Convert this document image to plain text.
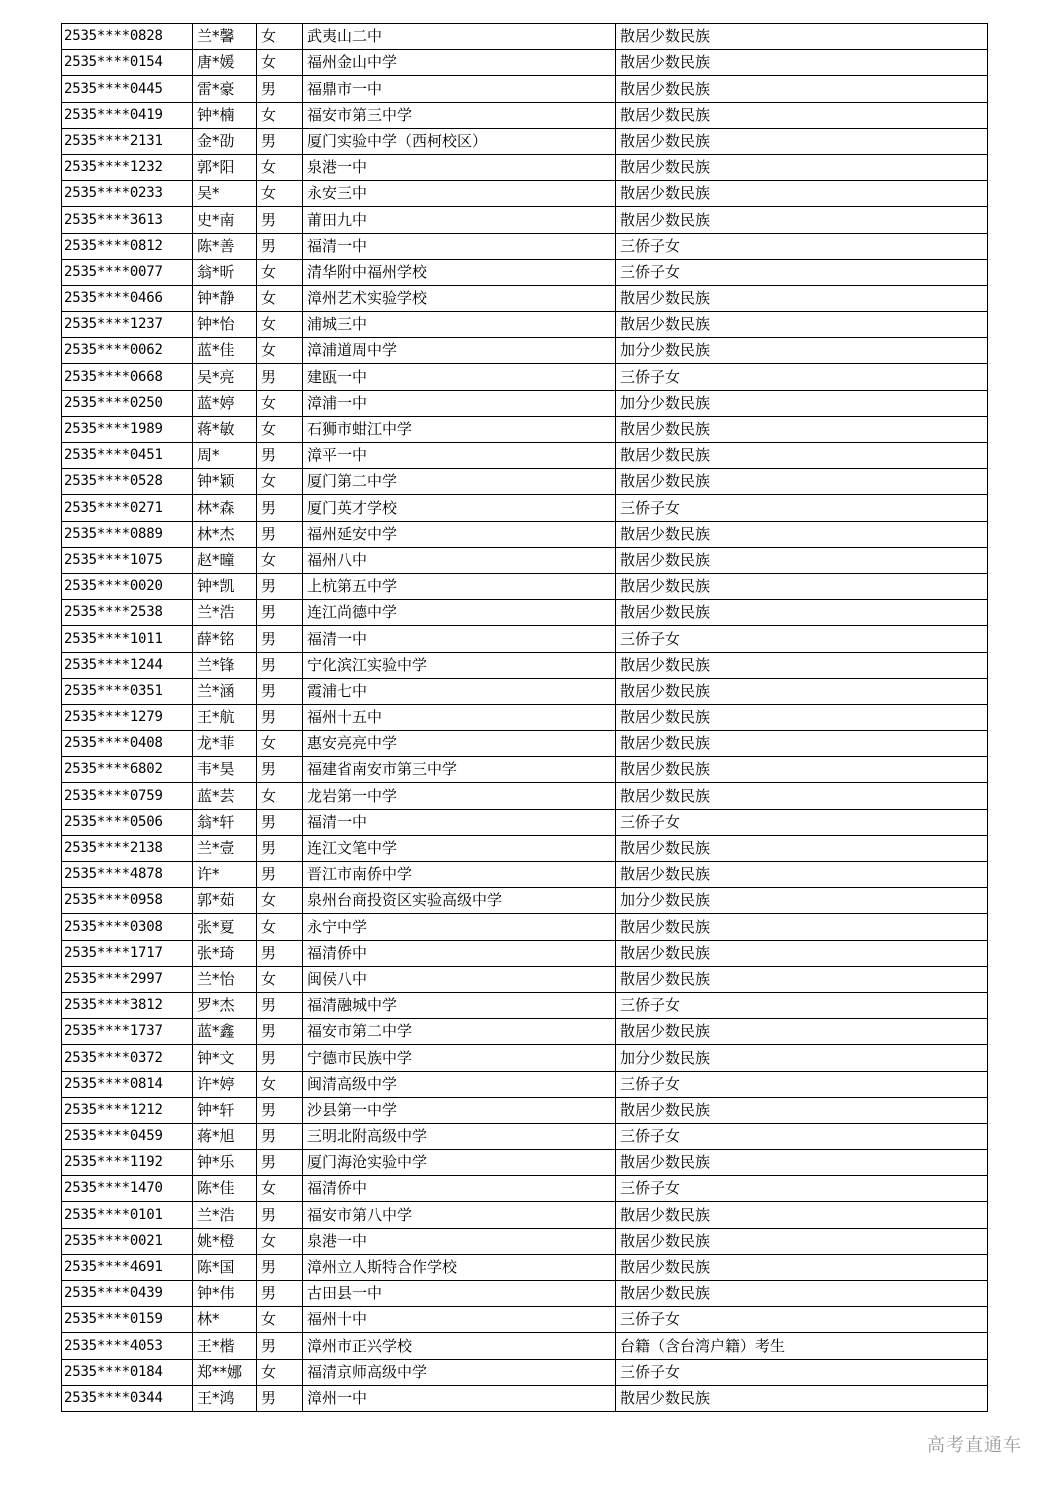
2535****0828	兰*馨	女	武夷山二中	散居少数民族
2535****0154	唐*媛	女	福州金山中学	散居少数民族
2535****0445	雷*豪	男	福鼎市一中	散居少数民族
2535****0419	钟*楠	女	福安市第三中学	散居少数民族
2535****2131	金*劭	男	厦门实验中学（西柯校区）	散居少数民族
2535****1232	郭*阳	女	泉港一中	散居少数民族
2535****0233	吴*	女	永安三中	散居少数民族
2535****3613	史*南	男	莆田九中	散居少数民族
2535****0812	陈*善	男	福清一中	三侨子女
2535****0077	翁*昕	女	清华附中福州学校	三侨子女
2535****0466	钟*静	女	漳州艺术实验学校	散居少数民族
2535****1237	钟*怡	女	浦城三中	散居少数民族
2535****0062	蓝*佳	女	漳浦道周中学	加分少数民族
2535****0668	吴*亮	男	建瓯一中	三侨子女
2535****0250	蓝*婷	女	漳浦一中	加分少数民族
2535****1989	蒋*敏	女	石狮市蚶江中学	散居少数民族
2535****0451	周*	男	漳平一中	散居少数民族
2535****0528	钟*颖	女	厦门第二中学	散居少数民族
2535****0271	林*森	男	厦门英才学校	三侨子女
2535****0889	林*杰	男	福州延安中学	散居少数民族
2535****1075	赵*曈	女	福州八中	散居少数民族
2535****0020	钟*凯	男	上杭第五中学	散居少数民族
2535****2538	兰*浩	男	连江尚德中学	散居少数民族
2535****1011	薛*铭	男	福清一中	三侨子女
2535****1244	兰*锋	男	宁化滨江实验中学	散居少数民族
2535****0351	兰*涵	男	霞浦七中	散居少数民族
2535****1279	王*航	男	福州十五中	散居少数民族
2535****0408	龙*菲	女	惠安亮亮中学	散居少数民族
2535****6802	韦*昊	男	福建省南安市第三中学	散居少数民族
2535****0759	蓝*芸	女	龙岩第一中学	散居少数民族
2535****0506	翁*轩	男	福清一中	三侨子女
2535****2138	兰*壹	男	连江文笔中学	散居少数民族
2535****4878	许*	男	晋江市南侨中学	散居少数民族
2535****0958	郭*茹	女	泉州台商投资区实验高级中学	加分少数民族
2535****0308	张*夏	女	永宁中学	散居少数民族
2535****1717	张*琦	男	福清侨中	散居少数民族
2535****2997	兰*怡	女	闽侯八中	散居少数民族
2535****3812	罗*杰	男	福清融城中学	三侨子女
2535****1737	蓝*鑫	男	福安市第二中学	散居少数民族
2535****0372	钟*文	男	宁德市民族中学	加分少数民族
2535****0814	许*婷	女	闽清高级中学	三侨子女
2535****1212	钟*轩	男	沙县第一中学	散居少数民族
2535****0459	蒋*旭	男	三明北附高级中学	三侨子女
2535****1192	钟*乐	男	厦门海沧实验中学	散居少数民族
2535****1470	陈*佳	女	福清侨中	三侨子女
2535****0101	兰*浩	男	福安市第八中学	散居少数民族
2535****0021	姚*橙	女	泉港一中	散居少数民族
2535****4691	陈*国	男	漳州立人斯特合作学校	散居少数民族
2535****0439	钟*伟	男	古田县一中	散居少数民族
2535****0159	林*	女	福州十中	三侨子女
2535****4053	王*楷	男	漳州市正兴学校	台籍（含台湾户籍）考生
2535****0184	郑**娜	女	福清京师高级中学	三侨子女
2535****0344	王*鸿	男	漳州一中	散居少数民族
高考直通车
